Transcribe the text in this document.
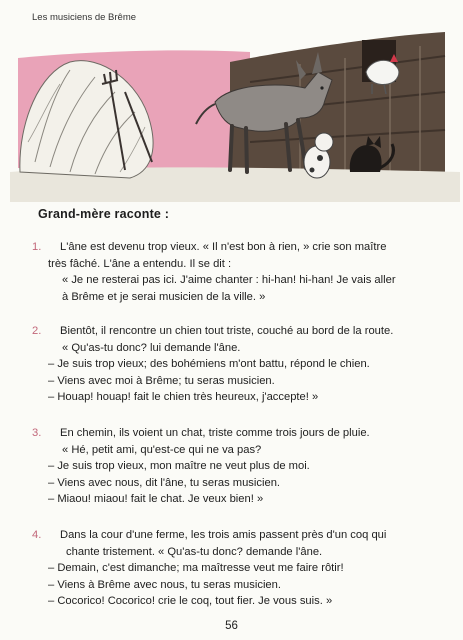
Les musiciens de Brême
Grand-mère raconte :
1.	L'âne est devenu trop vieux. « Il n'est bon à rien, » crie son maître
très fâché. L'âne a entendu. Il se dit :
« Je ne resterai pas ici. J'aime chanter : hi-han! hi-han! Je vais aller
à Brême et je serai musicien de la ville. »
2.	Bientôt, il rencontre un chien tout triste, couché au bord de la route.
« Qu'as-tu donc? lui demande l'âne.
– Je suis trop vieux; des bohémiens m'ont battu, répond le chien.
– Viens avec moi à Brême; tu seras musicien.
– Houap! houap! fait le chien très heureux, j'accepte! »
3.	En chemin, ils voient un chat, triste comme trois jours de pluie.
« Hé, petit ami, qu'est-ce qui ne va pas?
– Je suis trop vieux, mon maître ne veut plus de moi.
– Viens avec nous, dit l'âne, tu seras musicien.
– Miaou! miaou! fait le chat. Je veux bien! »
4.	Dans la cour d'une ferme, les trois amis passent près d'un coq qui
chante tristement. « Qu'as-tu donc? demande l'âne.
– Demain, c'est dimanche; ma maîtresse veut me faire rôtir!
– Viens à Brême avec nous, tu seras musicien.
– Cocorico! Cocorico! crie le coq, tout fier. Je vous suis. »
56
